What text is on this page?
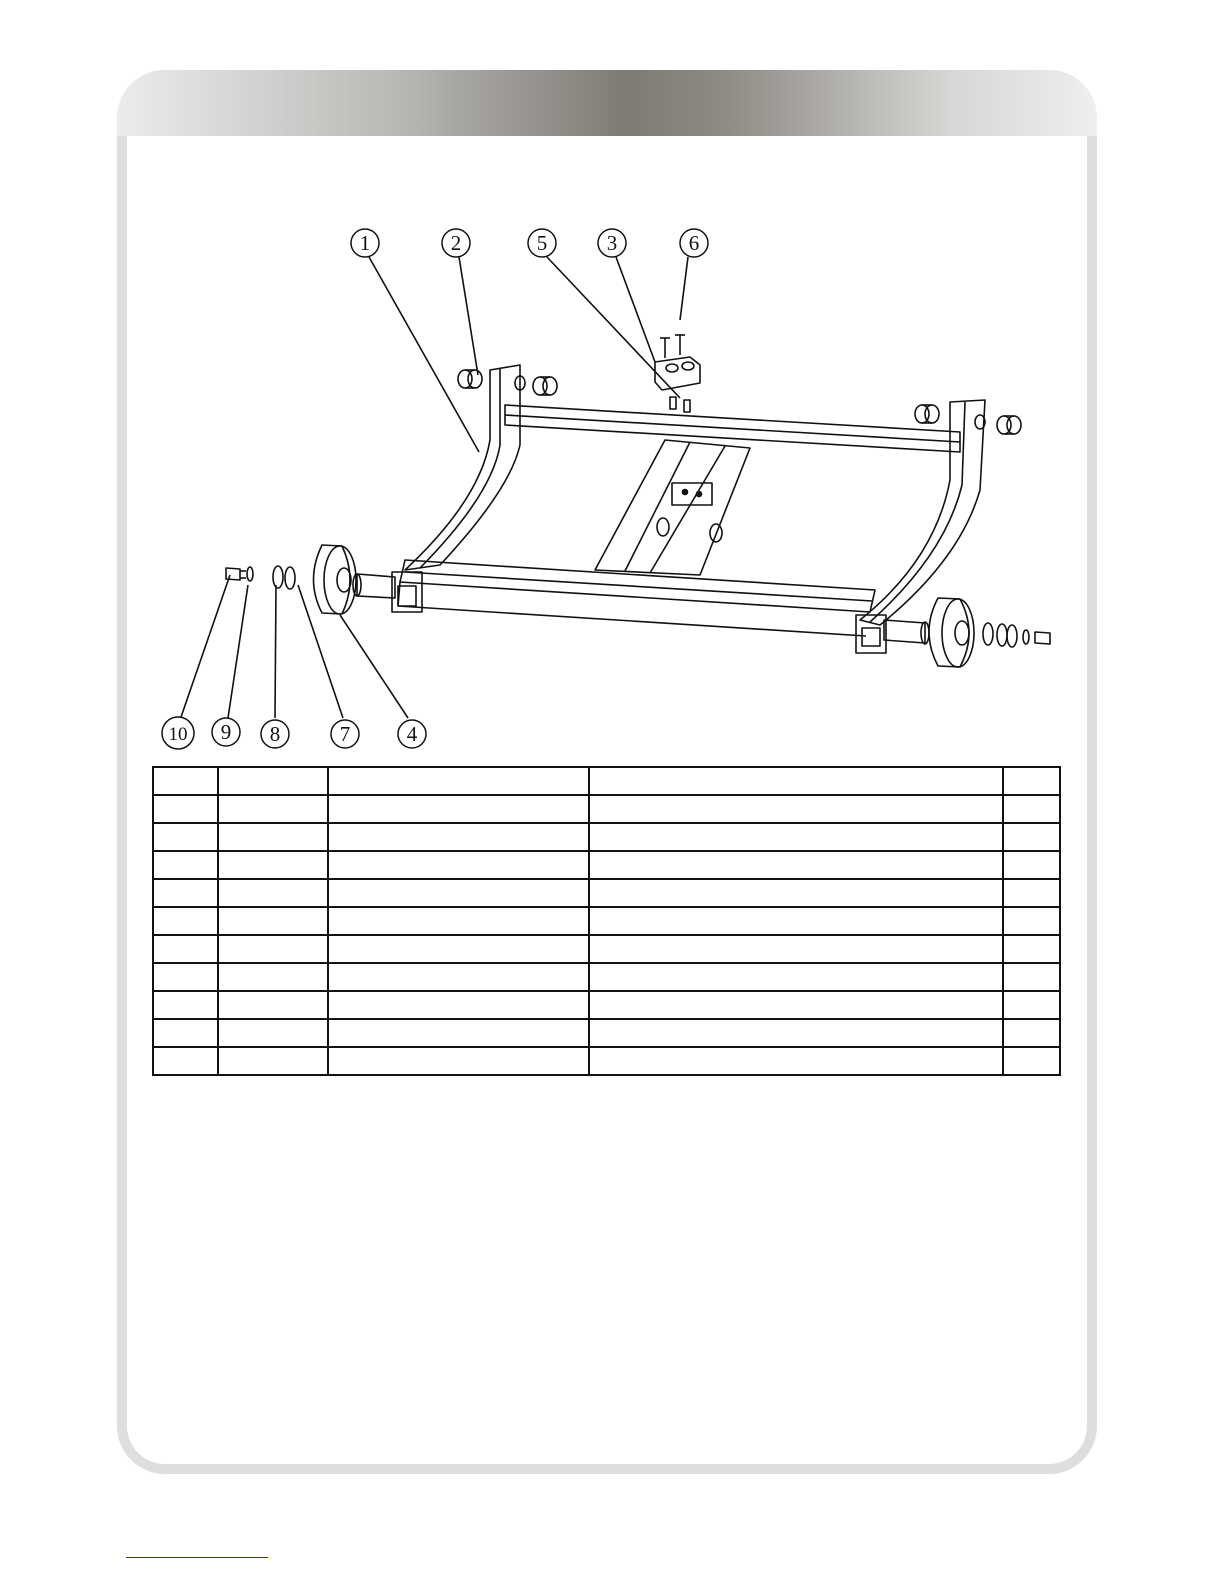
1	2	5	3	6
10 9 8	7	4
